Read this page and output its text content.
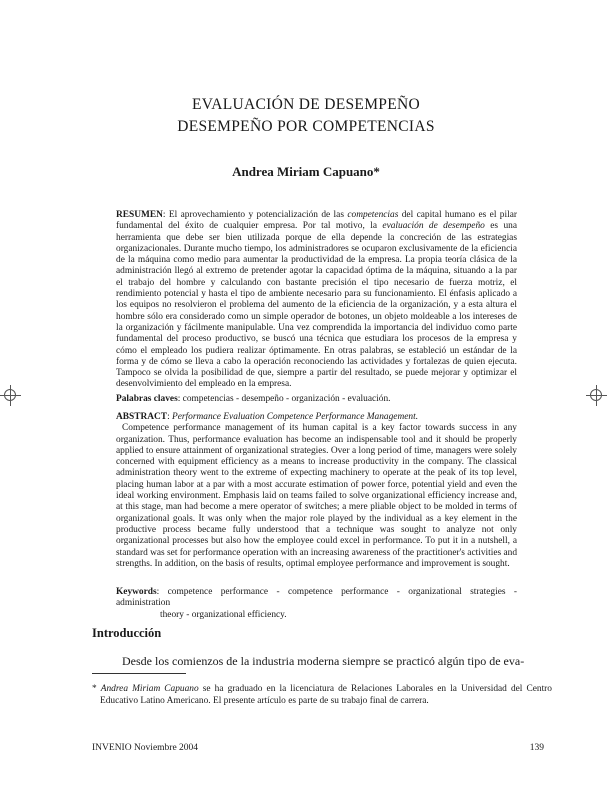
EVALUACIÓN DE DESEMPEÑO
DESEMPEÑO POR COMPETENCIAS
Andrea Miriam Capuano*

RESUMEN: El aprovechamiento y potencialización de las competencias del capital humano es el pilar fundamental del éxito de cualquier empresa. Por tal motivo, la evaluación de desempeño es una herramienta que debe ser bien utilizada porque de ella depende la concreción de las estrategias organizacionales. Durante mucho tiempo, los administradores se ocuparon exclusivamente de la eficiencia de la máquina como medio para aumentar la productividad de la empresa. La propia teoría clásica de la administración llegó al extremo de pretender agotar la capacidad óptima de la máquina, situando a la par el trabajo del hombre y calculando con bastante precisión el tipo necesario de fuerza motriz, el rendimiento potencial y hasta el tipo de ambiente necesario para su funcionamiento. El énfasis aplicado a los equipos no resolvieron el problema del aumento de la eficiencia de la organización, y a esta altura el hombre sólo era considerado como un simple operador de botones, un objeto moldeable a los intereses de la organización y fácilmente manipulable. Una vez comprendida la importancia del individuo como parte fundamental del proceso productivo, se buscó una técnica que estudiara los procesos de la empresa y cómo el empleado los pudiera realizar óptimamente. En otras palabras, se estableció un estándar de la forma y de cómo se lleva a cabo la operación reconociendo las actividades y fortalezas de quien ejecuta. Tampoco se olvida la posibilidad de que, siempre a partir del resultado, se puede mejorar y optimizar el desenvolvimiento del empleado en la empresa.

Palabras claves: competencias - desempeño - organización - evaluación.

ABSTRACT: Performance Evaluation Competence Performance Management.

Competence performance management of its human capital is a key factor towards success in any organization. Thus, performance evaluation has become an indispensable tool and it should be properly applied to ensure attainment of organizational strategies. Over a long period of time, managers were solely concerned with equipment efficiency as a means to increase productivity in the company. The classical administration theory went to the extreme of expecting machinery to operate at the peak of its top level, placing human labor at a par with a most accurate estimation of power force, potential yield and even the ideal working environment. Emphasis laid on teams failed to solve organizational efficiency increase and, at this stage, man had become a mere operator of switches; a mere pliable object to be molded in terms of organizational goals. It was only when the major role played by the individual as a key element in the productive process became fully understood that a technique was sought to analyze not only organizational processes but also how the employee could excel in performance. To put it in a nutshell, a standard was set for performance operation with an increasing awareness of the practitioner's activities and strengths. In addition, on the basis of results, optimal employee performance and improvement is sought.

Keywords: competence performance - competence performance - organizational strategies - administration

theory - organizational efficiency.

Introducción
Desde los comienzos de la industria moderna siempre se practicó algún tipo de eva-
* Andrea Miriam Capuano se ha graduado en la licenciatura de Relaciones Laborales en la Universidad del Centro Educativo Latino Americano. El presente artículo es parte de su trabajo final de carrera.
INVENIO Noviembre 2004	139
